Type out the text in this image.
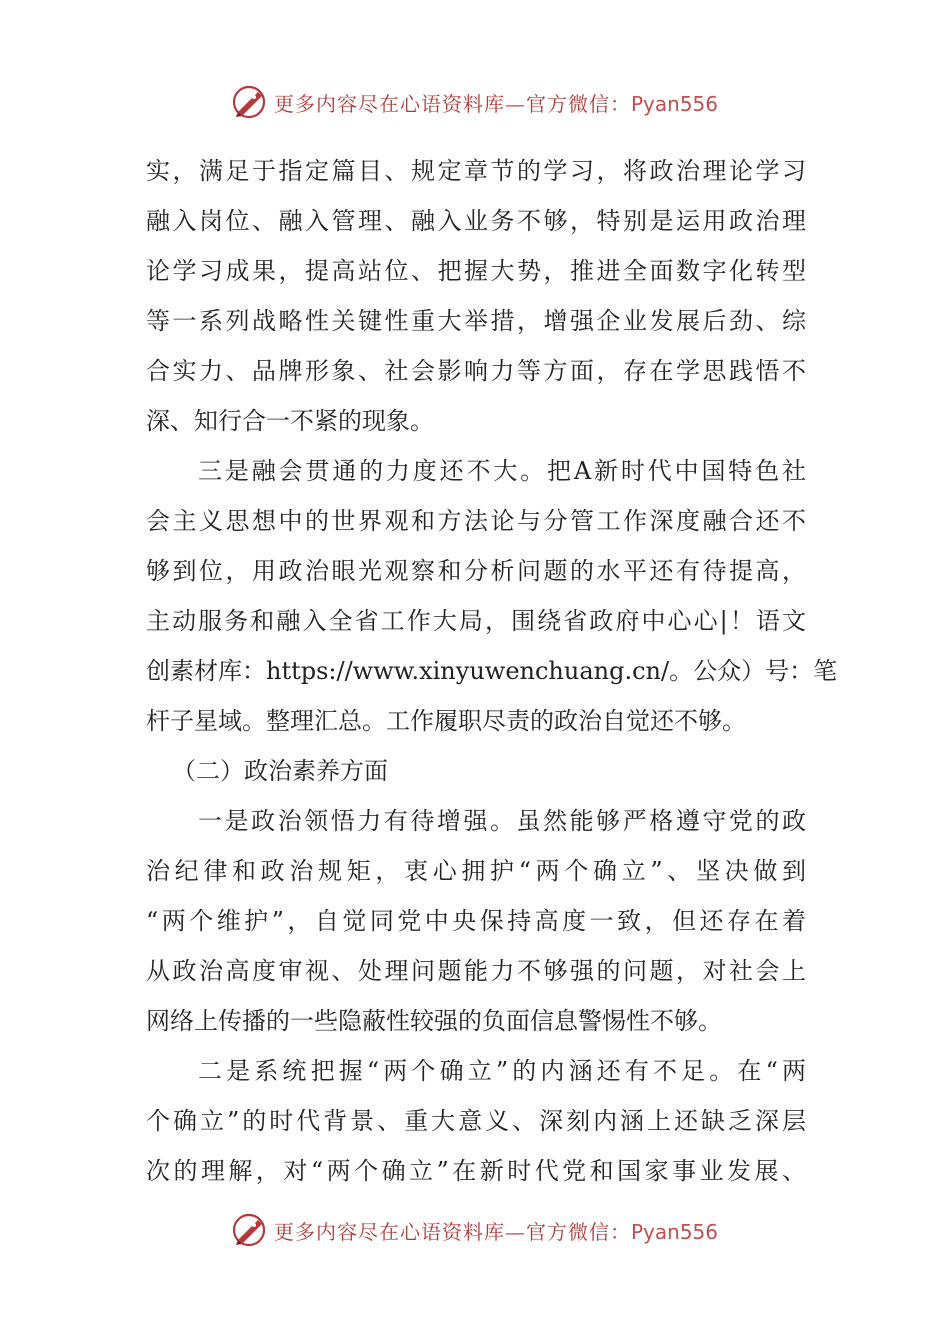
更多内容尽在心语资料库—官方微信：Pyan556
实，满足于指定篇目、规定章节的学习，将政治理论学习
融入岗位、融入管理、融入业务不够，特别是运用政治理
论学习成果，提高站位、把握大势，推进全面数字化转型
等一系列战略性关键性重大举措，增强企业发展后劲、综
合实力、品牌形象、社会影响力等方面，存在学思践悟不
深、知行合一不紧的现象。
三是融会贯通的力度还不大。把A新时代中国特色社
会主义思想中的世界观和方法论与分管工作深度融合还不
够到位，用政治眼光观察和分析问题的水平还有待提高，
主动服务和融入全省工作大局，围绕省政府中心心|！语文
创素材库：https://www.xinyuwenchuang.cn/。公众）号：笔
杆子星域。整理汇总。工作履职尽责的政治自觉还不够。
（二）政治素养方面
一是政治领悟力有待增强。虽然能够严格遵守党的政
治纪律和政治规矩，衷心拥护“两个确立”、坚决做到
“两个维护”，自觉同党中央保持高度一致，但还存在着
从政治高度审视、处理问题能力不够强的问题，对社会上
网络上传播的一些隐蔽性较强的负面信息警惕性不够。
二是系统把握“两个确立”的内涵还有不足。在“两
个确立”的时代背景、重大意义、深刻内涵上还缺乏深层
次的理解，对“两个确立”在新时代党和国家事业发展、
更多内容尽在心语资料库—官方微信：Pyan556
